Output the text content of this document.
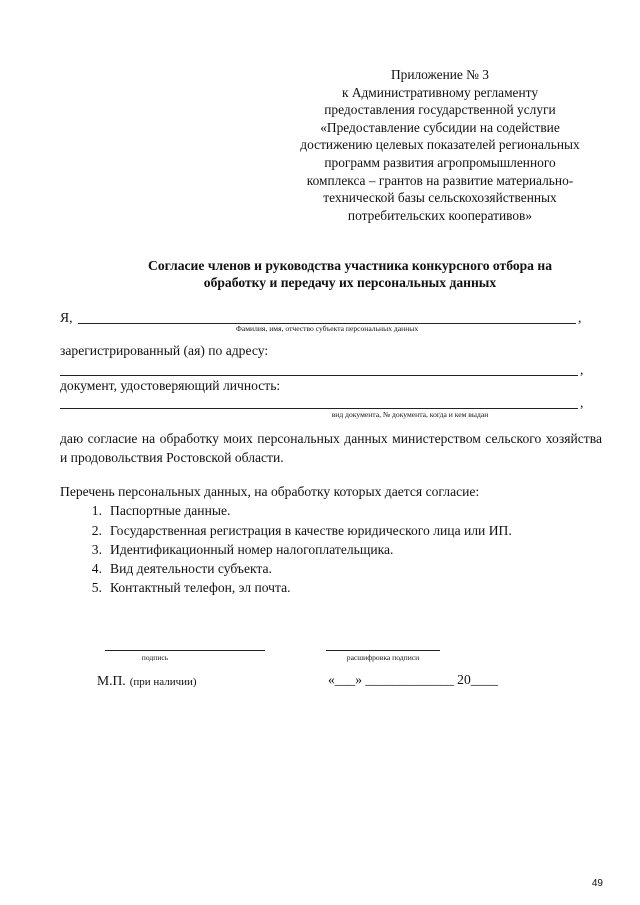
Приложение № 3
к Административному регламенту
предоставления государственной услуги
«Предоставление субсидии на содействие
достижению целевых показателей региональных
программ развития агропромышленного
комплекса – грантов на развитие материально-
технической базы сельскохозяйственных
потребительских кооперативов»
Согласие членов и руководства участника конкурсного отбора на
обработку и передачу их персональных данных
Я,	,
Фамилия, имя, отчество субъекта персональных данных
зарегистрированный (ая) по адресу:
,
документ, удостоверяющий личность:
,
вид документа, № документа, когда и кем выдан
даю согласие на обработку моих персональных данных министерством сельского хозяйства и продовольствия Ростовской области.
Перечень персональных данных, на обработку которых дается согласие:
1. Паспортные данные.
2. Государственная регистрация в качестве юридического лица или ИП.
3. Идентификационный номер налогоплательщика.
4. Вид деятельности субъекта.
5. Контактный телефон, эл почта.
подпись	расшифровка подписи
М.П. (при наличии)	«___» _____________ 20____
49
